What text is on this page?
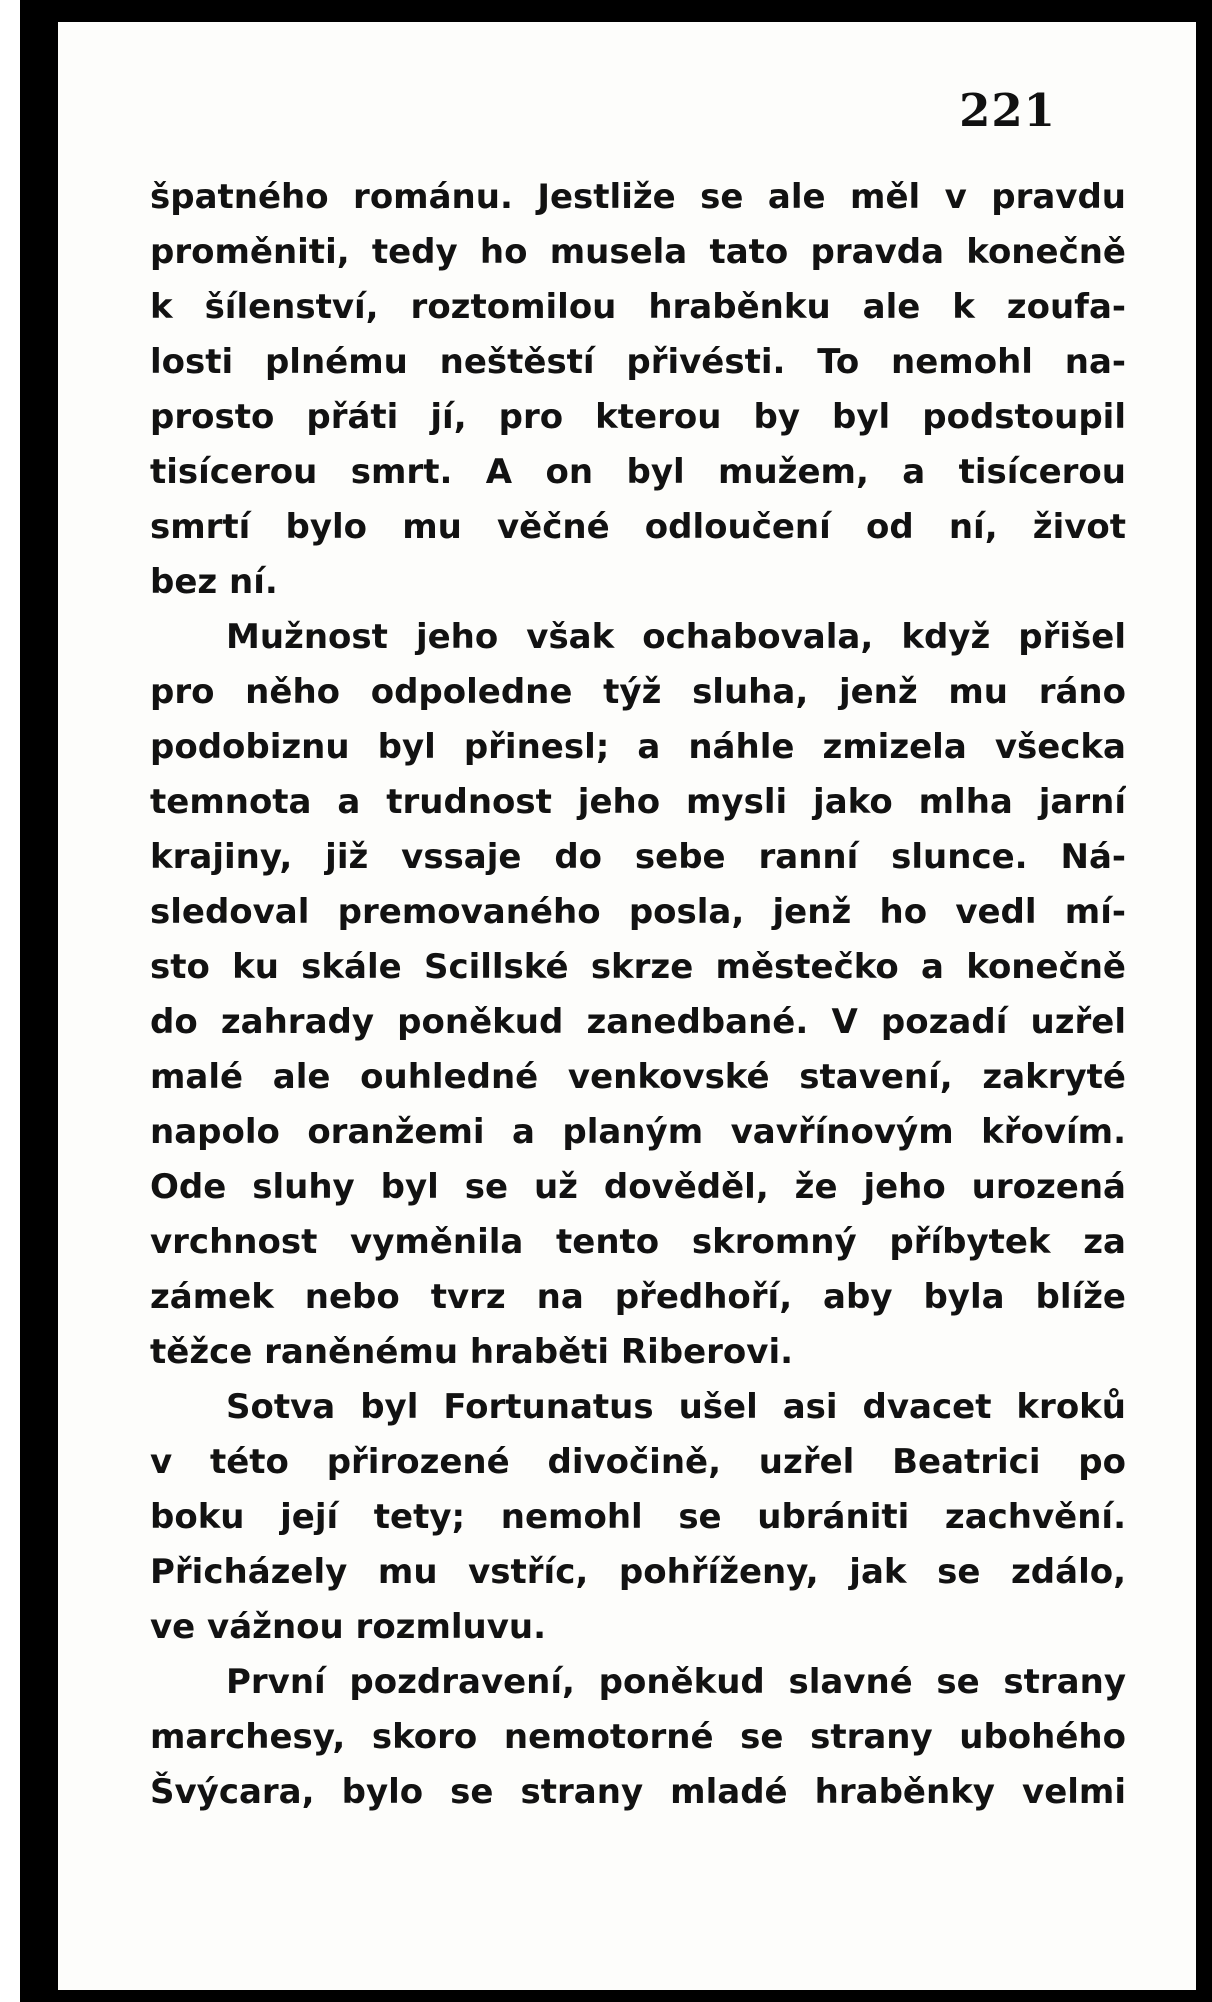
221
špatného románu. Jestliže se ale měl v pravdu
proměniti, tedy ho musela tato pravda konečně
k šílenství, roztomilou hraběnku ale k zoufa-
losti plnému neštěstí přivésti. To nemohl na-
prosto přáti jí, pro kterou by byl podstoupil
tisícerou smrt. A on byl mužem, a tisícerou
smrtí bylo mu věčné odloučení od ní, život
bez ní.
Mužnost jeho však ochabovala, když přišel
pro něho odpoledne týž sluha, jenž mu ráno
podobiznu byl přinesl; a náhle zmizela všecka
temnota a trudnost jeho mysli jako mlha jarní
krajiny, již vssaje do sebe ranní slunce. Ná-
sledoval premovaného posla, jenž ho vedl mí-
sto ku skále Scillské skrze městečko a konečně
do zahrady poněkud zanedbané. V pozadí uzřel
malé ale ouhledné venkovské stavení, zakryté
napolo oranžemi a planým vavřínovým křovím.
Ode sluhy byl se už dověděl, že jeho urozená
vrchnost vyměnila tento skromný příbytek za
zámek nebo tvrz na předhoří, aby byla blíže
těžce raněnému hraběti Riberovi.
Sotva byl Fortunatus ušel asi dvacet kroků
v této přirozené divočině, uzřel Beatrici po
boku její tety; nemohl se ubrániti zachvění.
Přicházely mu vstříc, pohříženy, jak se zdálo,
ve vážnou rozmluvu.
První pozdravení, poněkud slavné se strany
marchesy, skoro nemotorné se strany ubohého
Švýcara, bylo se strany mladé hraběnky velmi
